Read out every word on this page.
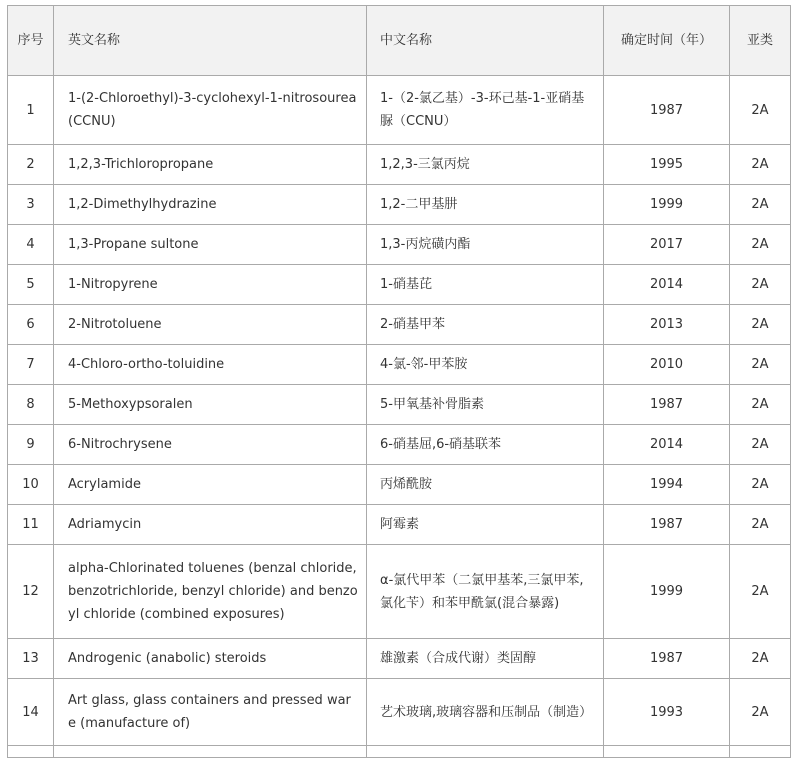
序号	英文名称	中文名称	确定时间（年）	亚类
1	1-(2-Chloroethyl)-3-cyclohexyl-1-nitrosourea (CCNU)	1-（2-氯乙基）-3-环己基-1-亚硝基脲（CCNU）	1987	2A
2	1,2,3-Trichloropropane	1,2,3-三氯丙烷	1995	2A
3	1,2-Dimethylhydrazine	1,2-二甲基肼	1999	2A
4	1,3-Propane sultone	1,3-丙烷磺内酯	2017	2A
5	1-Nitropyrene	1-硝基芘	2014	2A
6	2-Nitrotoluene	2-硝基甲苯	2013	2A
7	4-Chloro-ortho-toluidine	4-氯-邻-甲苯胺	2010	2A
8	5-Methoxypsoralen	5-甲氧基补骨脂素	1987	2A
9	6-Nitrochrysene	6-硝基屈,6-硝基联苯	2014	2A
10	Acrylamide	丙烯酰胺	1994	2A
11	Adriamycin	阿霉素	1987	2A
12	alpha-Chlorinated toluenes (benzal chloride, benzotrichloride, benzyl chloride) and benzoyl chloride (combined exposures)	α-氯代甲苯（二氯甲基苯,三氯甲苯,氯化苄）和苯甲酰氯(混合暴露)	1999	2A
13	Androgenic (anabolic) steroids	雄激素（合成代谢）类固醇	1987	2A
14	Art glass, glass containers and pressed ware (manufacture of)	艺术玻璃,玻璃容器和压制品（制造）	1993	2A
